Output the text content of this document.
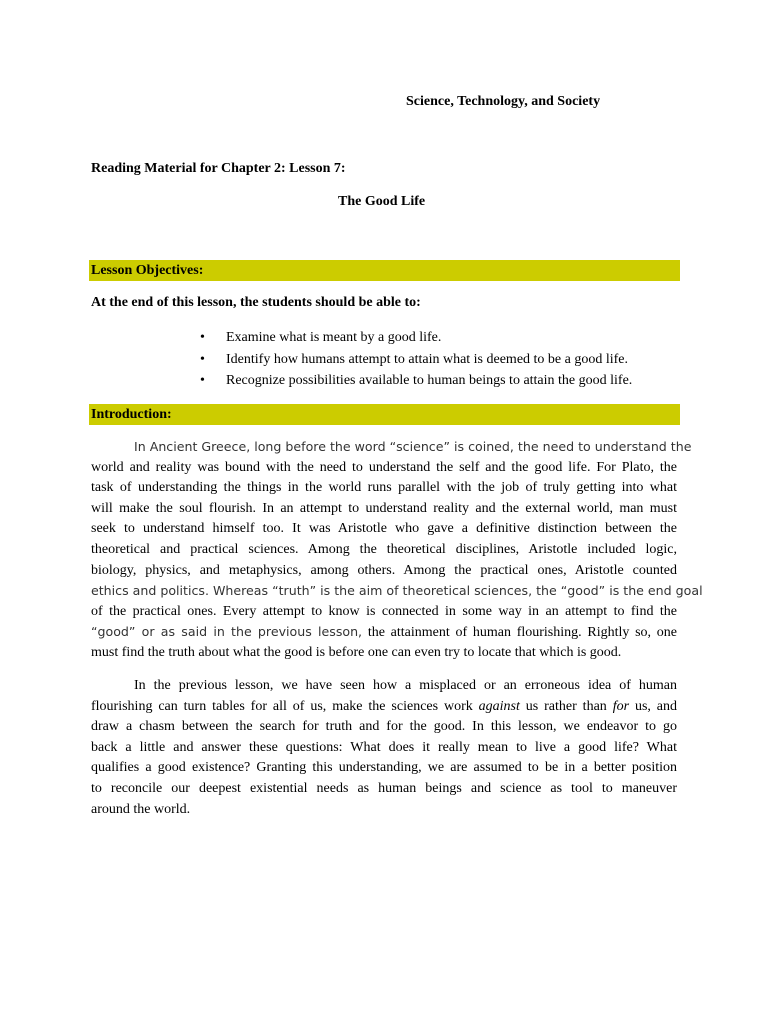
Science, Technology, and Society
Reading Material for Chapter 2: Lesson 7:
The Good Life
Lesson Objectives:
At the end of this lesson, the students should be able to:
• Examine what is meant by a good life.
• Identify how humans attempt to attain what is deemed to be a good life.
• Recognize possibilities available to human beings to attain the good life.
Introduction:
In Ancient Greece, long before the word “science” is coined, the need to understand the
world and reality was bound with the need to understand the self and the good life. For Plato, the
task of understanding the things in the world runs parallel with the job of truly getting into what
will make the soul flourish. In an attempt to understand reality and the external world, man must
seek to understand himself too. It was Aristotle who gave a definitive distinction between the
theoretical and practical sciences. Among the theoretical disciplines, Aristotle included logic,
biology, physics, and metaphysics, among others. Among the practical ones, Aristotle counted
ethics and politics. Whereas “truth” is the aim of theoretical sciences, the “good” is the end goal
of the practical ones. Every attempt to know is connected in some way in an attempt to find the
“good” or as said in the previous lesson, the attainment of human flourishing. Rightly so, one
must find the truth about what the good is before one can even try to locate that which is good.
In the previous lesson, we have seen how a misplaced or an erroneous idea of human
flourishing can turn tables for all of us, make the sciences work against us rather than for us, and
draw a chasm between the search for truth and for the good. In this lesson, we endeavor to go
back a little and answer these questions: What does it really mean to live a good life? What
qualifies a good existence? Granting this understanding, we are assumed to be in a better position
to reconcile our deepest existential needs as human beings and science as tool to maneuver
around the world.
